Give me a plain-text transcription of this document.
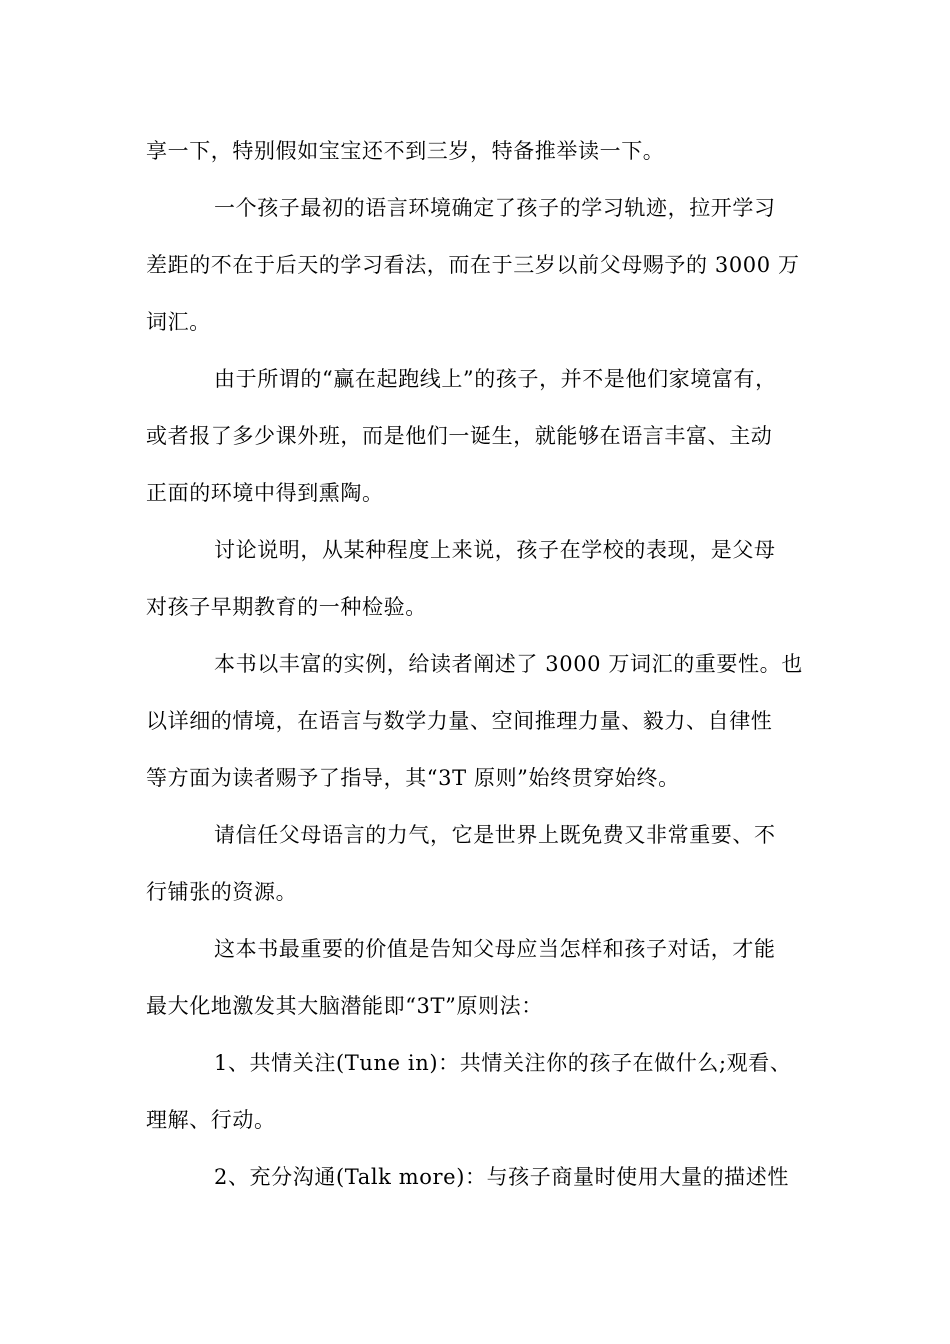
享一下，特别假如宝宝还不到三岁，特备推举读一下。
一个孩子最初的语言环境确定了孩子的学习轨迹，拉开学习
差距的不在于后天的学习看法，而在于三岁以前父母赐予的 3000 万
词汇。
由于所谓的“赢在起跑线上”的孩子，并不是他们家境富有，
或者报了多少课外班，而是他们一诞生，就能够在语言丰富、主动
正面的环境中得到熏陶。
讨论说明，从某种程度上来说，孩子在学校的表现，是父母
对孩子早期教育的一种检验。
本书以丰富的实例，给读者阐述了 3000 万词汇的重要性。也
以详细的情境，在语言与数学力量、空间推理力量、毅力、自律性
等方面为读者赐予了指导，其“3T 原则”始终贯穿始终。
请信任父母语言的力气，它是世界上既免费又非常重要、不
行铺张的资源。
这本书最重要的价值是告知父母应当怎样和孩子对话，才能
最大化地激发其大脑潜能即“3T”原则法：
1、共情关注(Tune in)：共情关注你的孩子在做什么;观看、
理解、行动。
2、充分沟通(Talk more)：与孩子商量时使用大量的描述性
